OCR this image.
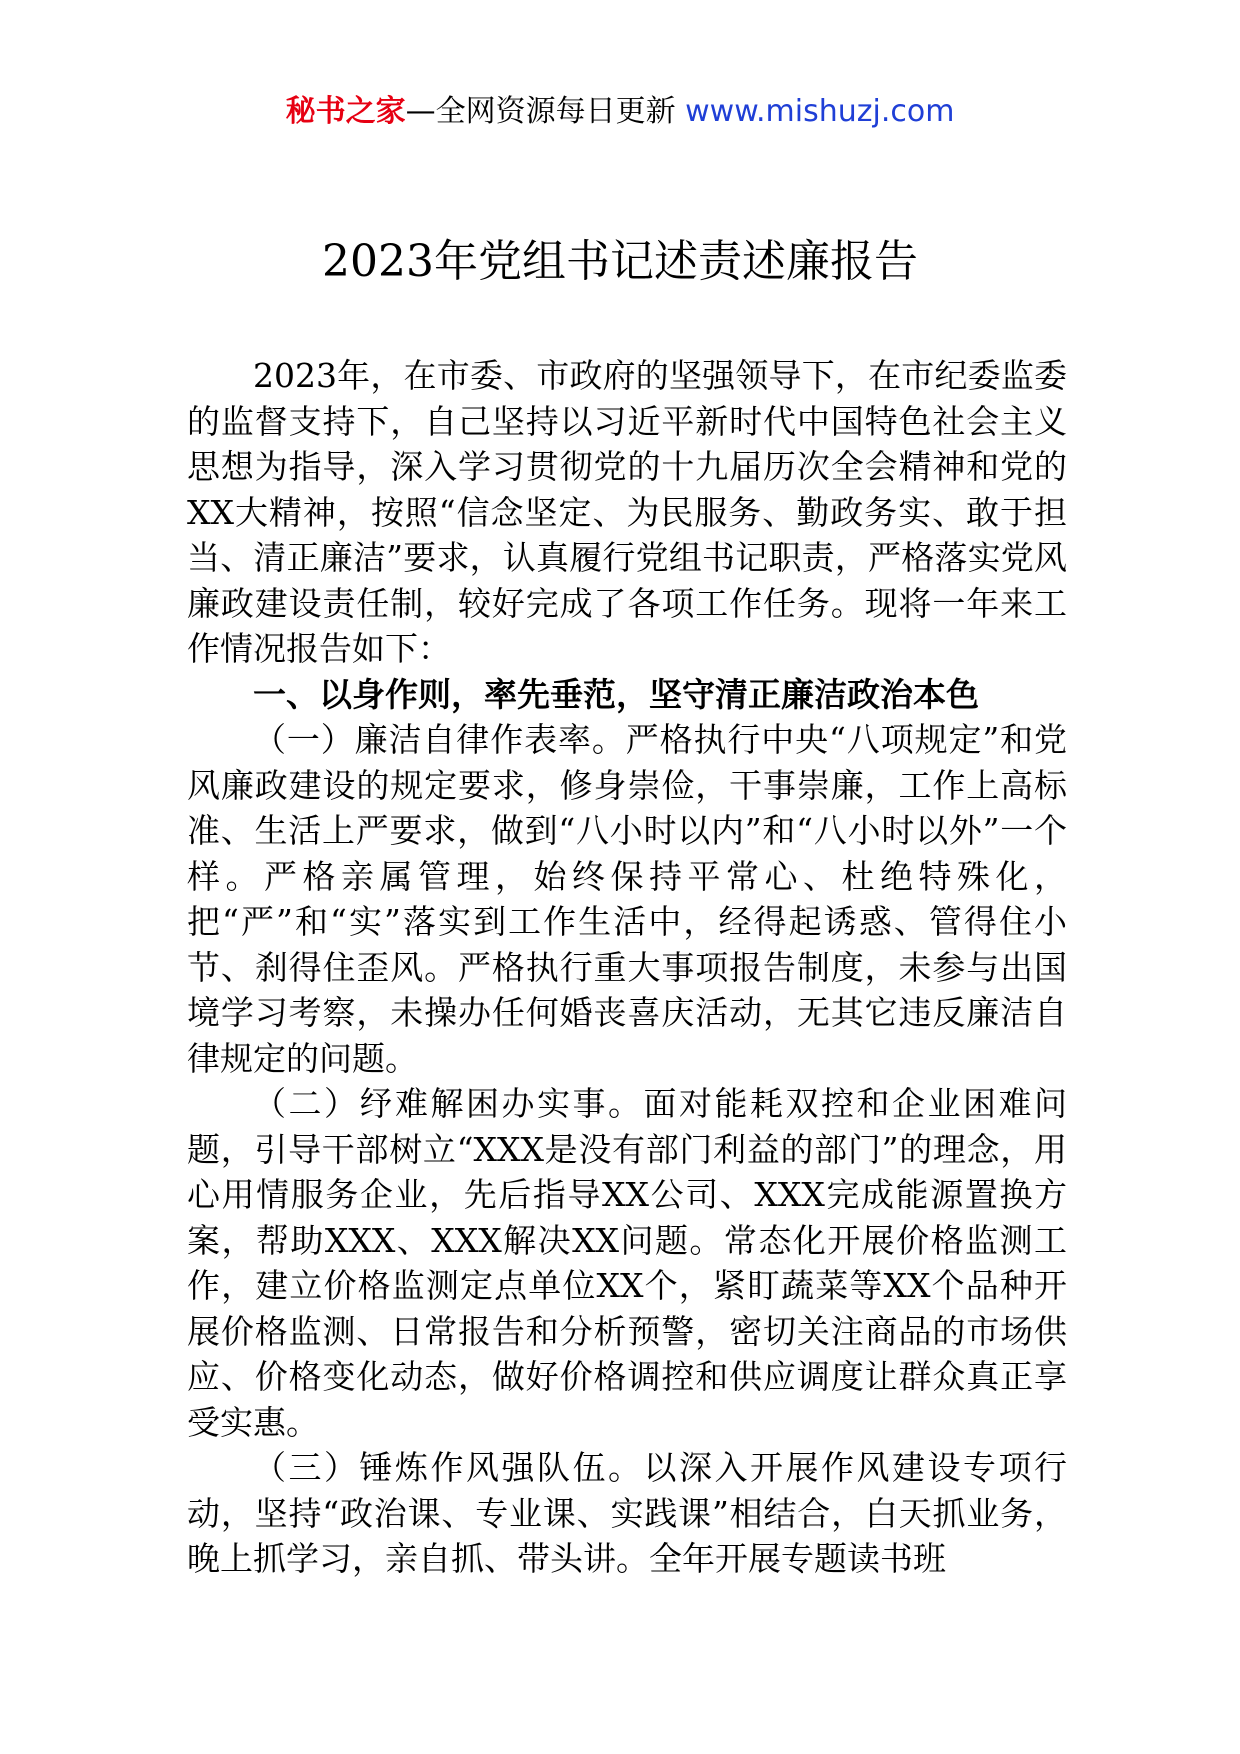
秘书之家—全网资源每日更新 www.mishuzj.com
2023年党组书记述责述廉报告

2023年，在市委、市政府的坚强领导下，在市纪委监委的监督支持下，自己坚持以习近平新时代中国特色社会主义思想为指导，深入学习贯彻党的十九届历次全会精神和党的XX大精神，按照“信念坚定、为民服务、勤政务实、敢于担当、清正廉洁”要求，认真履行党组书记职责，严格落实党风廉政建设责任制，较好完成了各项工作任务。现将一年来工作情况报告如下：

一、以身作则，率先垂范，坚守清正廉洁政治本色

（一）廉洁自律作表率。严格执行中央“八项规定”和党风廉政建设的规定要求，修身崇俭，干事崇廉，工作上高标准、生活上严要求，做到“八小时以内”和“八小时以外”一个样。严格亲属管理，始终保持平常心、杜绝特殊化，把“严”和“实”落实到工作生活中，经得起诱惑、管得住小节、刹得住歪风。严格执行重大事项报告制度，未参与出国境学习考察，未操办任何婚丧喜庆活动，无其它违反廉洁自律规定的问题。

（二）纾难解困办实事。面对能耗双控和企业困难问题，引导干部树立“XXX是没有部门利益的部门”的理念，用心用情服务企业，先后指导XX公司、XXX完成能源置换方案，帮助XXX、XXX解决XX问题。常态化开展价格监测工作，建立价格监测定点单位XX个，紧盯蔬菜等XX个品种开展价格监测、日常报告和分析预警，密切关注商品的市场供应、价格变化动态，做好价格调控和供应调度让群众真正享受实惠。

（三）锤炼作风强队伍。以深入开展作风建设专项行动，坚持“政治课、专业课、实践课”相结合，白天抓业务，晚上抓学习，亲自抓、带头讲。全年开展专题读书班
